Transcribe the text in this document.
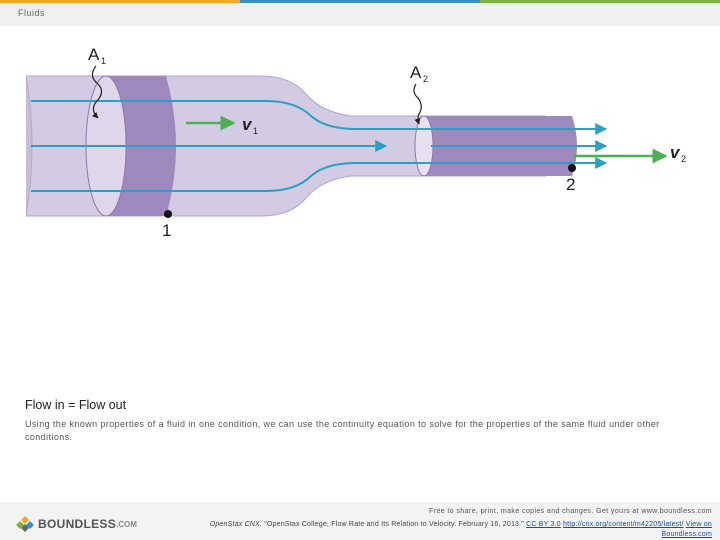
Fluids
A 1
A 2
v 1
v 2
1
2
Flow in = Flow out
Using the known properties of a fluid in one condition, we can use the continuity equation to solve for the properties of the same fluid under other conditions.
BOUNDLESS .COM
Free to share, print, make copies and changes. Get yours at www.boundless.com
OpenStax CNX. "OpenStax College, Flow Rate and Its Relation to Velocity. February 16, 2013." CC BY 3.0 http://cnx.org/content/m42205/latest/ View on Boundless.com
